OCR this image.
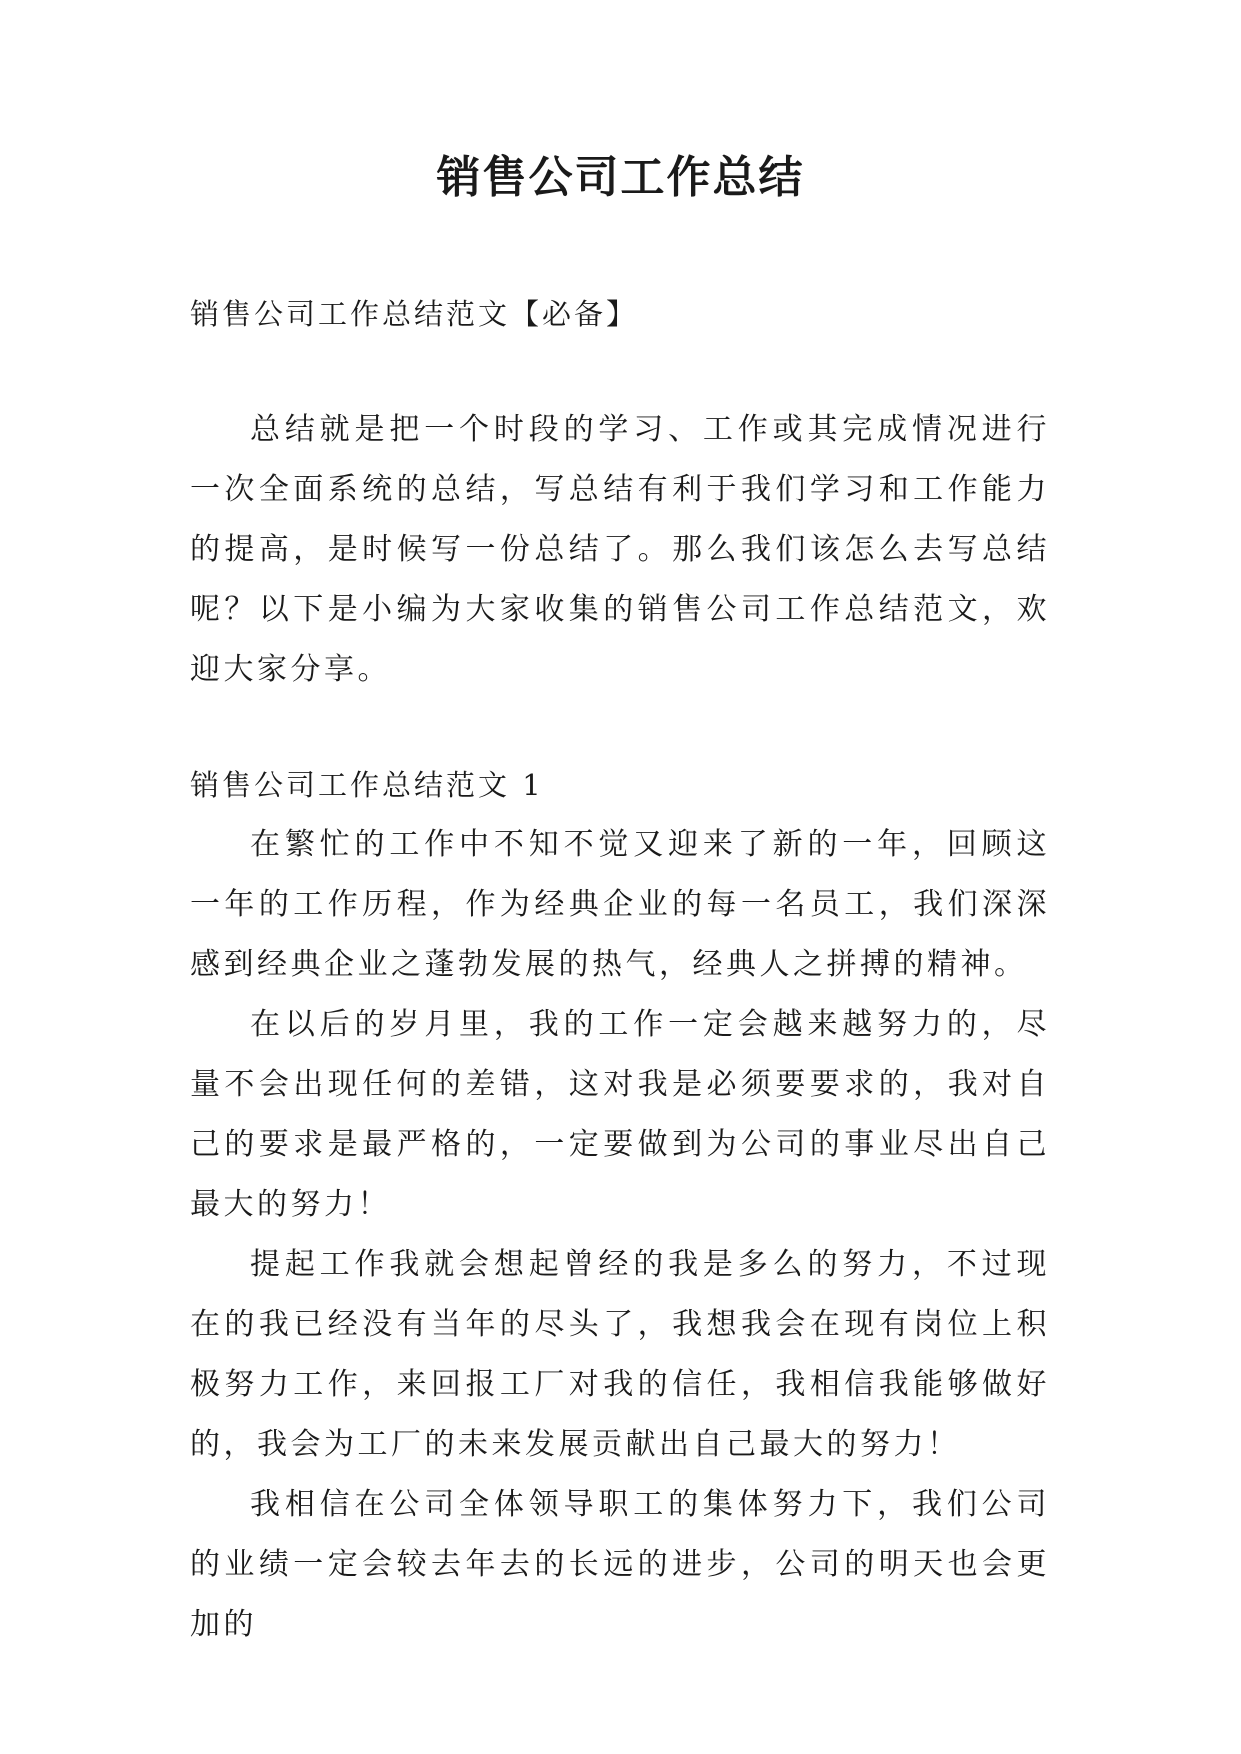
销售公司工作总结
销售公司工作总结范文【必备】

总结就是把一个时段的学习、工作或其完成情况进行一次全面系统的总结，写总结有利于我们学习和工作能力的提高，是时候写一份总结了。那么我们该怎么去写总结呢？以下是小编为大家收集的销售公司工作总结范文，欢迎大家分享。

销售公司工作总结范文 1

在繁忙的工作中不知不觉又迎来了新的一年，回顾这一年的工作历程，作为经典企业的每一名员工，我们深深感到经典企业之蓬勃发展的热气，经典人之拼搏的精神。

在以后的岁月里，我的工作一定会越来越努力的，尽量不会出现任何的差错，这对我是必须要要求的，我对自己的要求是最严格的，一定要做到为公司的事业尽出自己最大的努力！

提起工作我就会想起曾经的我是多么的努力，不过现在的我已经没有当年的尽头了，我想我会在现有岗位上积极努力工作，来回报工厂对我的信任，我相信我能够做好的，我会为工厂的未来发展贡献出自己最大的努力！

我相信在公司全体领导职工的集体努力下，我们公司的业绩一定会较去年去的长远的进步，公司的明天也会更加的
